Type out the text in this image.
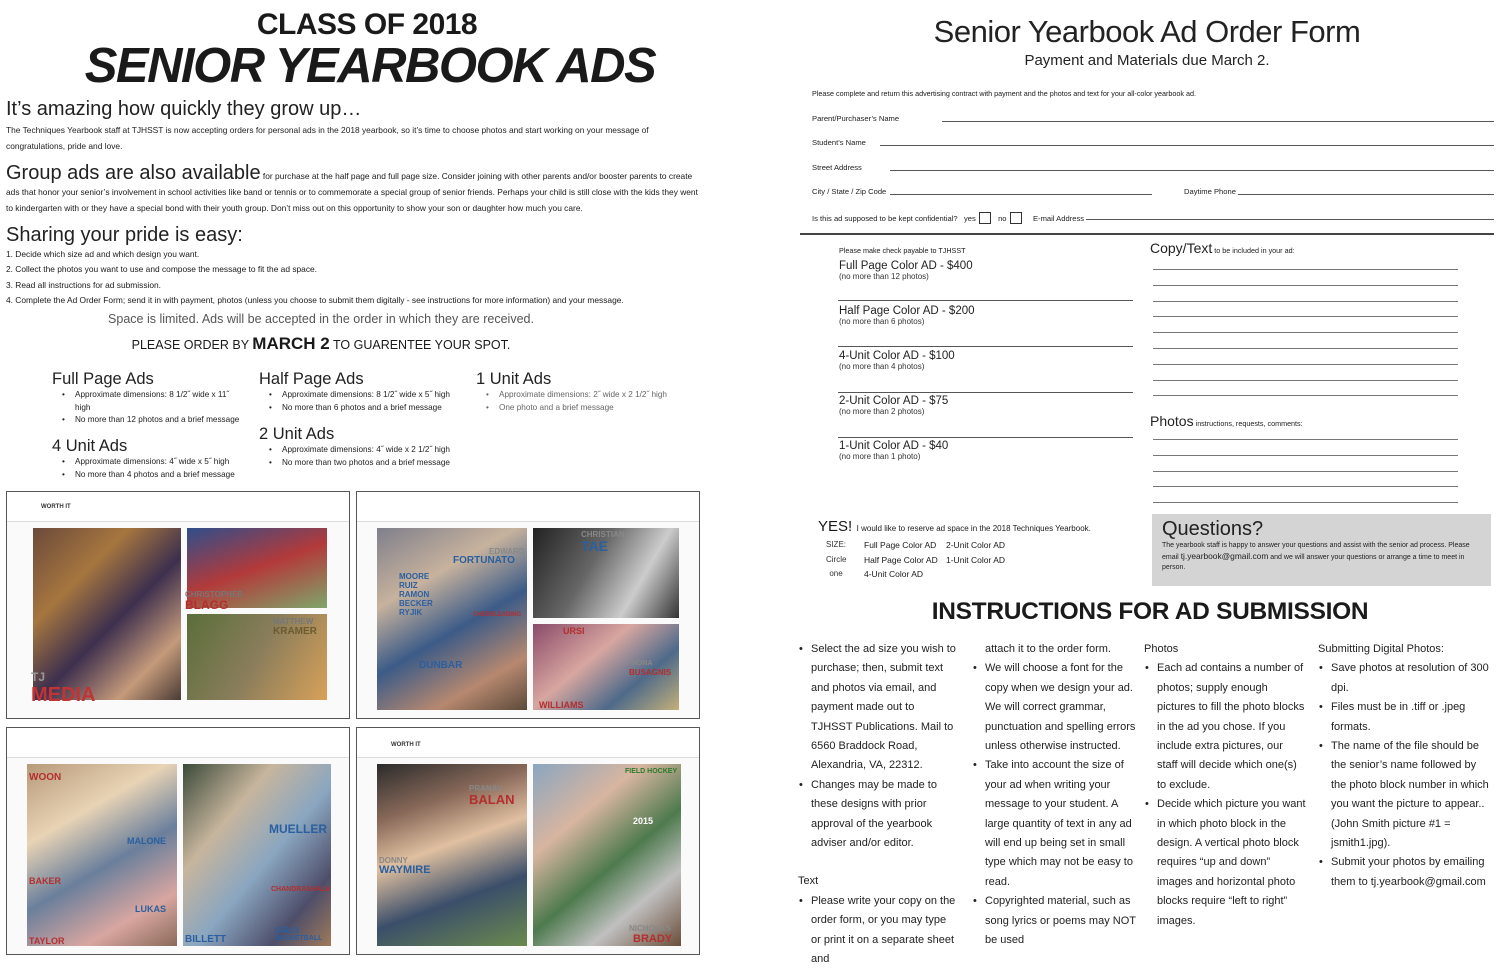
CLASS OF 2018
SENIOR YEARBOOK ADS
It’s amazing how quickly they grow up…
The Techniques Yearbook staff at TJHSST is now accepting orders for personal ads in the 2018 yearbook, so it’s time to choose photos and start working on your message of congratulations, pride and love.
Group ads are also available for purchase at the half page and full page size. Consider joining with other parents and/or booster parents to create ads that honor your senior’s involvement in school activities like band or tennis or to commemorate a special group of senior friends. Perhaps your child is still close with the kids they went to kindergarten with or they have a special bond with their youth group. Don’t miss out on this opportunity to show your son or daughter how much you care.
Sharing your pride is easy:
1. Decide which size ad and which design you want.
2. Collect the photos you want to use and compose the message to fit the ad space.
3. Read all instructions for ad submission.
4. Complete the Ad Order Form; send it in with payment, photos (unless you choose to submit them digitally - see instructions for more information) and your message.
Space is limited. Ads will be accepted in the order in which they are received.
PLEASE ORDER BY MARCH 2 TO GUARENTEE YOUR SPOT.
Full Page Ads
• Approximate dimensions: 8 1/2˝ wide x 11˝ high
• No more than 12 photos and a brief message
4 Unit Ads
• Approximate dimensions: 4˝ wide x 5˝ high
• No more than 4 photos and a brief message
Half Page Ads
• Approximate dimensions: 8 1/2˝ wide x 5˝ high
• No more than 6 photos and a brief message
2 Unit Ads
• Approximate dimensions: 4˝ wide x 2 1/2˝ high
• No more than two photos and a brief message
1 Unit Ads
• Approximate dimensions: 2˝ wide x 2 1/2˝ high
• One photo and a brief message
WORTH IT
CHRISTOPHER
BLAGG
MATTHEW
KRAMER
TJ
MEDIA
EDWARD
FORTUNATO
MOORE
RUIZ
RAMON
BECKER
RYJIK
DUNBAR
CHEERLEADING
CHRISTIAN
TAE
URSI
MONA
BUSAGNIS
WILLIAMS
WOON
MALONE
BAKER
LUKAS
TAYLOR
MUELLER
CHANDRASHALA
BILLETT
GIRLS
BASKETBALL
WORTH IT
PRANAV
BALAN
DONNY
WAYMIRE
FIELD HOCKEY
2015
NICHOLAS
BRADY
Senior Yearbook Ad Order Form
Payment and Materials due March 2.
Please complete and return this advertising contract with payment and the photos and text for your all-color yearbook ad.
Parent/Purchaser’s Name
Student’s Name
Street Address
City / State / Zip Code	Daytime Phone
Is this ad supposed to be kept confidential? yes	no	E-mail Address
Please make check payable to TJHSST
Full Page Color AD - $400
(no more than 12 photos)
Half Page Color AD - $200
(no more than 6 photos)
4-Unit Color AD - $100
(no more than 4 photos)
2-Unit Color AD - $75
(no more than 2 photos)
1-Unit Color AD - $40
(no more than 1 photo)
Copy/Text to be included in your ad:
Photos instructions, requests, comments:
YES! I would like to reserve ad space in the 2018 Techniques Yearbook.
SIZE:
Circle
one
Full Page Color AD
Half Page Color AD
4-Unit Color AD
2-Unit Color AD
1-Unit Color AD
Questions?

The yearbook staff is happy to answer your questions and assist with the senior ad process. Please email tj.yearbook@gmail.com and we will answer your questions or arrange a time to meet in person.

INSTRUCTIONS FOR AD SUBMISSION
• Select the ad size you wish to purchase; then, submit text and photos via email, and payment made out to TJHSST Publications. Mail to 6560 Braddock Road, Alexandria, VA, 22312.
• Changes may be made to these designs with prior approval of the yearbook adviser and/or editor.
Text
• Please write your copy on the order form, or you may type or print it on a separate sheet and
attach it to the order form.
• We will choose a font for the copy when we design your ad. We will correct grammar, punctuation and spelling errors unless otherwise instructed.
• Take into account the size of your ad when writing your message to your student. A large quantity of text in any ad will end up being set in small type which may not be easy to read.
• Copyrighted material, such as song lyrics or poems may NOT be used
Photos
• Each ad contains a number of photos; supply enough pictures to fill the photo blocks in the ad you chose. If you include extra pictures, our staff will decide which one(s) to exclude.
• Decide which picture you want in which photo block in the design. A vertical photo block requires “up and down” images and horizontal photo blocks require “left to right” images.
Submitting Digital Photos:
• Save photos at resolution of 300 dpi.
• Files must be in .tiff or .jpeg formats.
• The name of the file should be the senior’s name followed by the photo block number in which you want the picture to appear.. (John Smith picture #1 = jsmith1.jpg).
• Submit your photos by emailing them to tj.yearbook@gmail.com
